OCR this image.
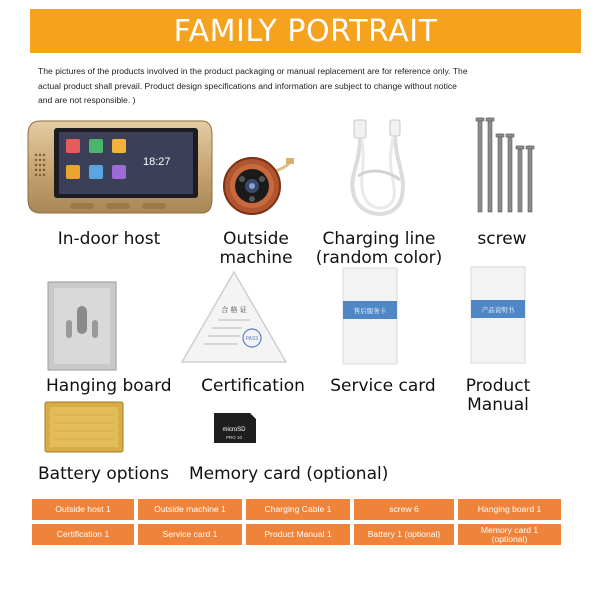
FAMILY PORTRAIT
The pictures of the products involved in the product packaging or manual replacement are for reference only. The
actual product shall prevail. Product design specifications and information are subject to change without notice
and are not responsible. )
18:27
In-door host	Outside
machine
Charging line
(random color)
screw
Hanging board
合 格 证
PASS
Certification
售后服务卡
Service card
产品说明书
Product
Manual
Battery options
microSD
PRO 10
Memory card (optional)
Outside host 1	Outside machine 1	Charging Cable 1	screw 6	Hanging board 1
Certification 1	Service card 1	Product Manual 1	Battery 1 (optional)	Memory card 1 (optional)
